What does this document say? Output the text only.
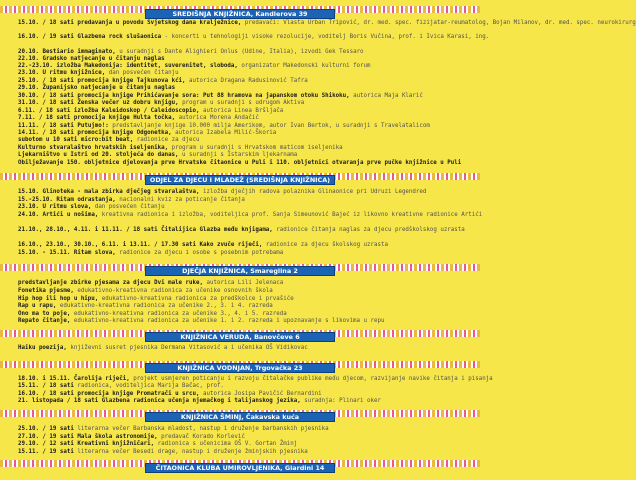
SREDIŠNJA KNJIŽNICA, Kandlerova 39
15.10. / 18 sati predavanja u povodu Svjetskog dana kralježnice, predavači: Vlasta Urban Tripović, dr. med. spec. fizijatar-reumatolog, Bojan Milanov, dr. med. spec. neurokirurg
16.10. / 19 sati Glazbena rock slušaonica - koncerti u tehnologiji visoke rezolucije, voditelj Boris Vučina, prof. i Ivica Karasi, ing.
20.10. Bestiario immaginato, u suradnji s Dante Alighieri Onlus (Udine, Italia), izvodi Gek Tessaro
22.10. Gradsko natjecanje u čitanju naglas
22.-23.10. izložba Makedonija: identitet, suverenitet, sloboda, organizator Makedonski kulturni forum
23.10. U ritmu knjižnice, dan posvećen čitanju
25.10. / 18 sati promocija knjige Tajkunova kći, autorica Dragana Radusinović Tafra
29.10. Županijsko natjecanje u čitanju naglas
30.10. / 18 sati promocija knjige Prihićavanje sora: Put 88 hramova na japanskom otoku Shikoku, autorica Maja Klarić
31.10. / 18 sati Ženska večer uz dobru knjigu, program u suradnji s udrugom Aktiva
6.11. / 18 sati izložba Kaleidoskop / Caleidoscopio, autorica Linea Bršljača
7.11. / 18 sati promocija knjige Hulta točka, autorica Morena Andačić
11.11. / 18 sati Putujmo!: predstavljanje knjige 10.000 milja Amerikom, autor Ivan Bertok, u suradnji s Travelatalicom
14.11. / 18 sati promocija knjige Odgonetka, autorica Izabela Milić-Škoria
subotom u 10 sati micro:bit beat, radionice za djecu
Kulturno stvaralaštvo hrvatskih iseljenika, program u suradnji s Hrvatskom maticom iseljenika
Ljekarništvo u Istri od 20. stoljeća do danas, u suradnji s Istarskim ljekarnama
Obilježavanje 150. obljetnice djelovanja prve Hrvatske čitaonice u Puli i 110. obljetnici otvaranja prve pučke knjižnice u Puli
ODJEL ZA DJECU I MLADEŽ (SREDIŠNJA KNJIŽNICA)
15.10. Glinoteka - mala zbirka dječjeg stvaralaštva, izložba dječjih radova polaznika Glinaonice pri Udruzi Legendred
15.-25.10. Ritam odrastanja, nacionalni kviz za poticanje čitanja
23.10. U ritmu slova, dan posvećen čitanju
24.10. Artići u nošima, kreativna radionica i izložba, voditeljica prof. Sanja Simeunović Bajeć iz likovno kreativne radionice Artići
21.10., 28.10., 4.11. i 11.11. / 18 sati Čitalijica Glazba među knjigama, radionice čitanja naglas za djecu predškolskog uzrasta
16.10., 23.10., 30.10., 6.11. i 13.11. / 17.30 sati Kako zvuče riječi, radionice za djecu školskog uzrasta
15.10. - 15.11. Ritam slova, radionice za djecu i osobe s posebnim potrebama
DJEČJA KNJIŽNICA, Smareglina 2
predstavljanje zbirke pjesama za djecu Dvi male ruke, autorica Lili Jelenaca
Fonetika pjesme, edukativno-kreativna radionica za učenike osnovnih škola
Hip hop ili hop u hipu, edukativno-kreativna radionica za predškolce i prvašiće
Rap u rapu, edukativno-kreativna radionica za učenike 2., 3. i 4. razreda
Ono ma to poje, edukativno-kreativna radionica za učenike 3., 4. i 5. razreda
Repato čitanje, edukativno-kreativna radionica za učenike 1. i 2. razreda i upoznavanje s likovima u repu
KNJIŽNICA VERUDA, Banovčeve 6
Haiku poezija, književni susret pjesnika Dermana Vitasović a i učenika OŠ Vidikovac
KNJIŽNICA VODNJAN, Trgovačka 23
18.10. i 15.11. Čarolija riječi, projekt usmjeren poticanju i razvoju čitalačke publike među djecom, razvijanje navike čitanja i pisanja
15.11. / 18 sati radionica, voditeljica Marija Bačac, prof.
16.10. / 18 sati promocija knjige Promatrači u srcu, autorica Josipa Pavičić Bernardini
21. listopada / 18 sati Glazbena radionica učenja njemačkog i talijanskog jezika, suradnja: Plinari oker
KNJIŽNICA ŠMINJ, Čakavska kuća
25.10. / 19 sati literarna večer Barbanska mladost, nastup i druženje barbanskih pjesnika
27.10. / 19 sati Mala škola astronomije, predavač Korado Korlević
29.10. / 12 sati Kreativni knjižničari, radionica s učenicima OŠ V. Gortan Žminj
15.11. / 19 sati literarna večer Besedi drage, nastup i druženje žminjskih pjesnika
ČITAONICA KLUBA UMIROVLJENIKA, Giardini 14
